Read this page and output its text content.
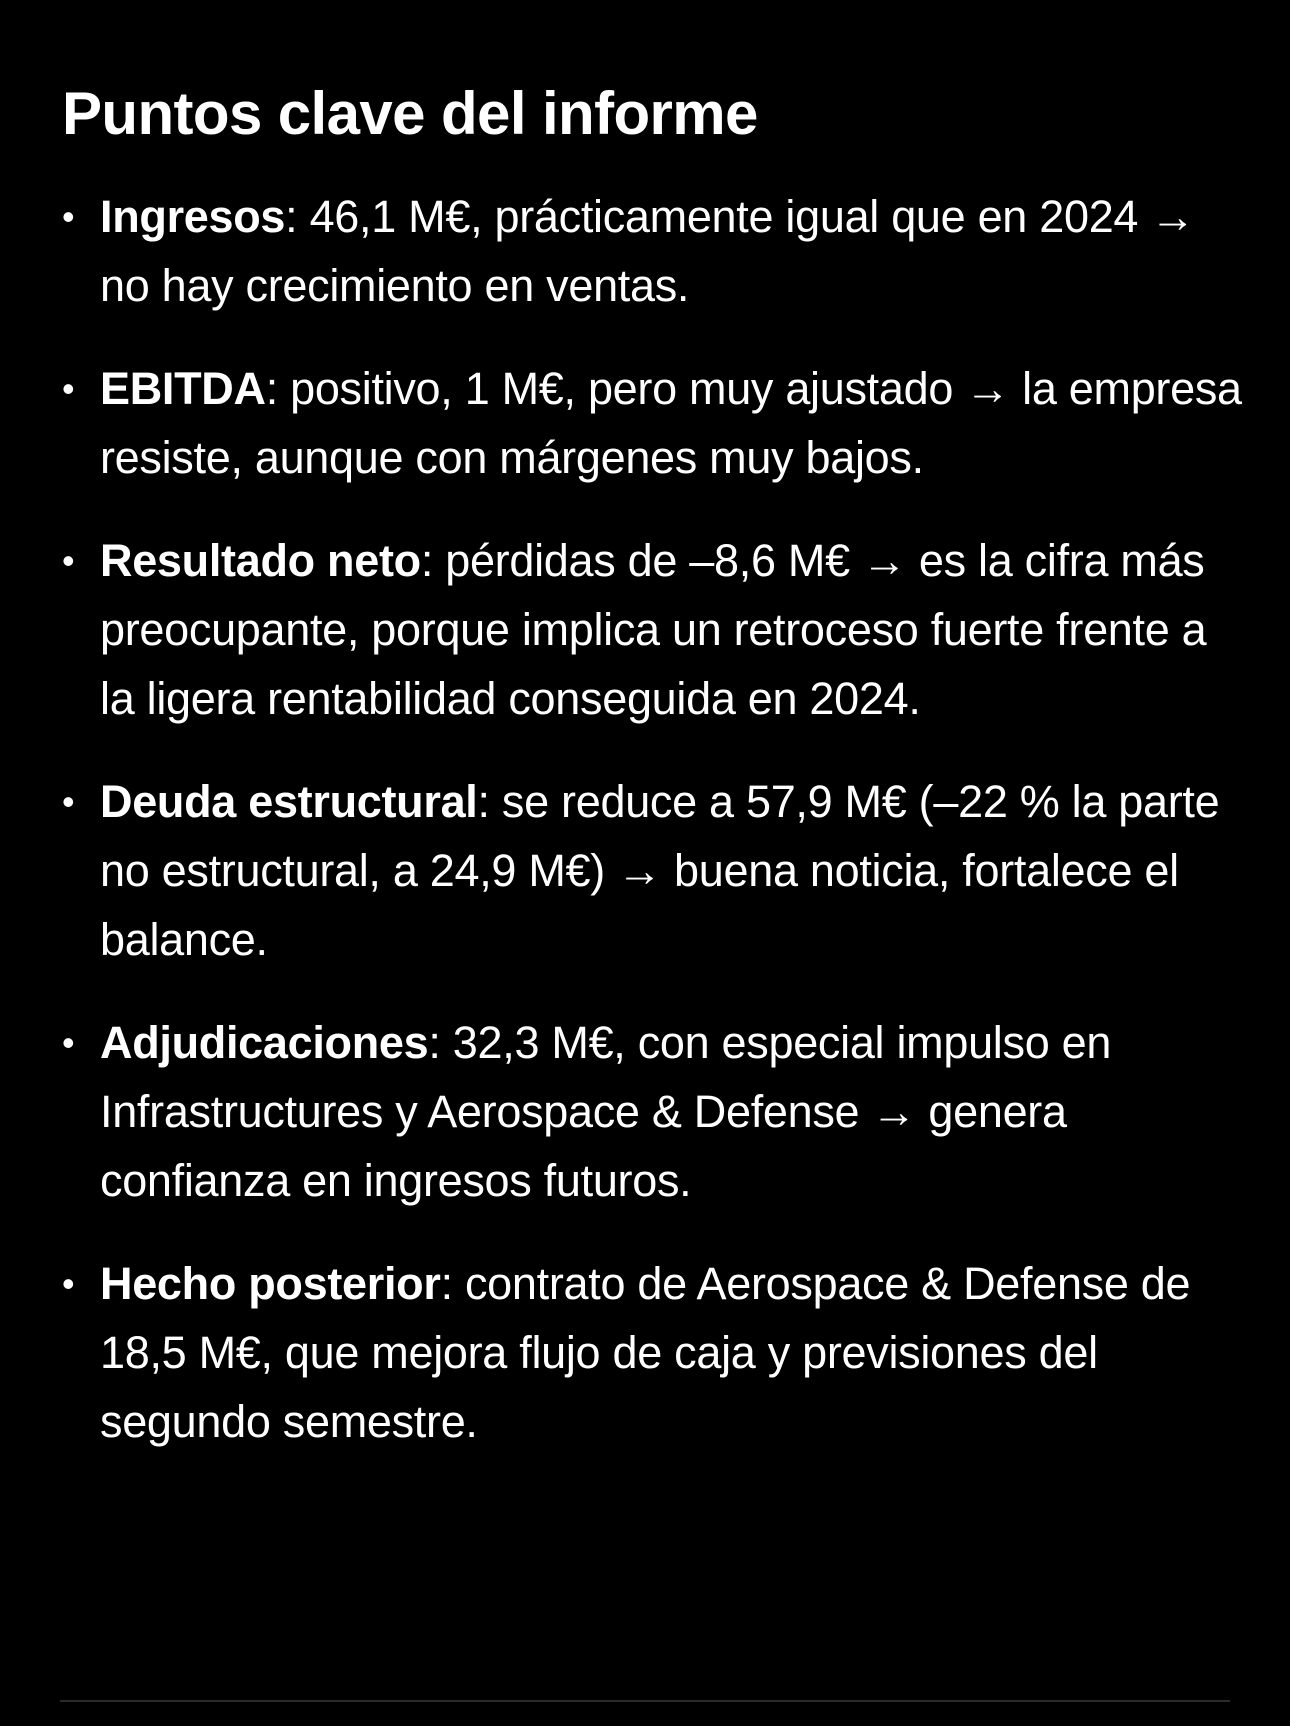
Puntos clave del informe
• Ingresos: 46,1 M€, prácticamente igual que en 2024 → no hay crecimiento en ventas.
• EBITDA: positivo, 1 M€, pero muy ajustado → la empresa resiste, aunque con márgenes muy bajos.
• Resultado neto: pérdidas de –8,6 M€ → es la cifra más preocupante, porque implica un retroceso fuerte frente a la ligera rentabilidad conseguida en 2024.
• Deuda estructural: se reduce a 57,9 M€ (–22 % la parte no estructural, a 24,9 M€) → buena noticia, fortalece el balance.
• Adjudicaciones: 32,3 M€, con especial impulso en Infrastructures y Aerospace & Defense → genera confianza en ingresos futuros.
• Hecho posterior: contrato de Aerospace & Defense de 18,5 M€, que mejora flujo de caja y previsiones del segundo semestre.
